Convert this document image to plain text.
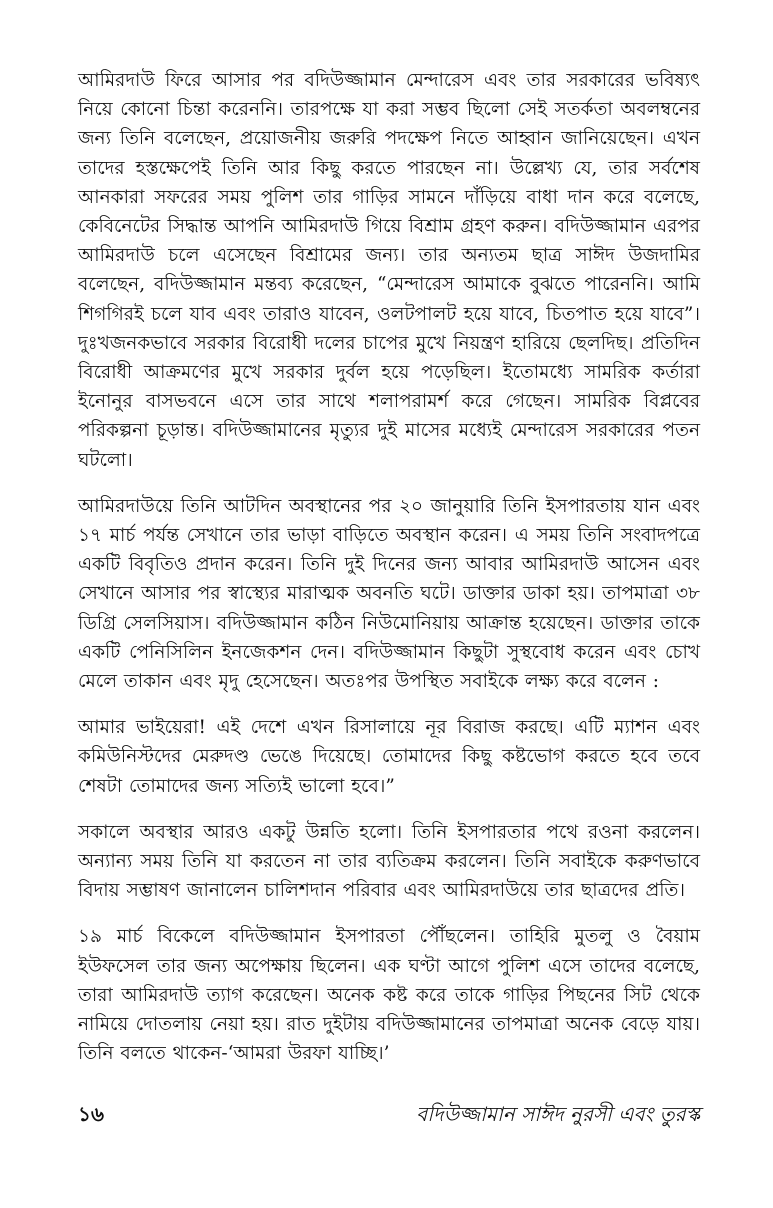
আমিরদাউ ফিরে আসার পর বদিউজ্জামান মেন্দারেস এবং তার সরকারের ভবিষ্যৎ নিয়ে কোনো চিন্তা করেননি। তারপক্ষে যা করা সম্ভব ছিলো সেই সতর্কতা অবলম্বনের জন্য তিনি বলেছেন, প্রয়োজনীয় জরুরি পদক্ষেপ নিতে আহ্বান জানিয়েছেন। এখন তাদের হস্তক্ষেপেই তিনি আর কিছু করতে পারছেন না। উল্লেখ্য যে, তার সর্বশেষ আনকারা সফরের সময় পুলিশ তার গাড়ির সামনে দাঁড়িয়ে বাধা দান করে বলেছে, কেবিনেটের সিদ্ধান্ত আপনি আমিরদাউ গিয়ে বিশ্রাম গ্রহণ করুন। বদিউজ্জামান এরপর আমিরদাউ চলে এসেছেন বিশ্রামের জন্য। তার অন্যতম ছাত্র সাঈদ উজদামির বলেছেন, বদিউজ্জামান মন্তব্য করেছেন, “মেন্দারেস আমাকে বুঝতে পারেননি। আমি শিগগিরই চলে যাব এবং তারাও যাবেন, ওলটপালট হয়ে যাবে, চিতপাত হয়ে যাবে”। দুঃখজনকভাবে সরকার বিরোধী দলের চাপের মুখে নিয়ন্ত্রণ হারিয়ে ছেলদিছ। প্রতিদিন বিরোধী আক্রমণের মুখে সরকার দুর্বল হয়ে পড়েছিল। ইতোমধ্যে সামরিক কর্তারা ইনোনুর বাসভবনে এসে তার সাথে শলাপরামর্শ করে গেছেন। সামরিক বিপ্লবের পরিকল্পনা চূড়ান্ত। বদিউজ্জামানের মৃত্যুর দুই মাসের মধ্যেই মেন্দারেস সরকারের পতন ঘটলো।

আমিরদাউয়ে তিনি আটদিন অবস্থানের পর ২০ জানুয়ারি তিনি ইসপারতায় যান এবং ১৭ মার্চ পর্যন্ত সেখানে তার ভাড়া বাড়িতে অবস্থান করেন। এ সময় তিনি সংবাদপত্রে একটি বিবৃতিও প্রদান করেন। তিনি দুই দিনের জন্য আবার আমিরদাউ আসেন এবং সেখানে আসার পর স্বাস্থ্যের মারাত্মক অবনতি ঘটে। ডাক্তার ডাকা হয়। তাপমাত্রা ৩৮ ডিগ্রি সেলসিয়াস। বদিউজ্জামান কঠিন নিউমোনিয়ায় আক্রান্ত হয়েছেন। ডাক্তার তাকে একটি পেনিসিলিন ইনজেকশন দেন। বদিউজ্জামান কিছুটা সুস্থবোধ করেন এবং চোখ মেলে তাকান এবং মৃদু হেসেছেন। অতঃপর উপস্থিত সবাইকে লক্ষ্য করে বলেন :

আমার ভাইয়েরা! এই দেশে এখন রিসালায়ে নূর বিরাজ করছে। এটি ম্যাশন এবং কমিউনিস্টদের মেরুদণ্ড ভেঙে দিয়েছে। তোমাদের কিছু কষ্টভোগ করতে হবে তবে শেষটা তোমাদের জন্য সত্যিই ভালো হবে।”

সকালে অবস্থার আরও একটু উন্নতি হলো। তিনি ইসপারতার পথে রওনা করলেন। অন্যান্য সময় তিনি যা করতেন না তার ব্যতিক্রম করলেন। তিনি সবাইকে করুণভাবে বিদায় সম্ভাষণ জানালেন চালিশদান পরিবার এবং আমিরদাউয়ে তার ছাত্রদের প্রতি।

১৯ মার্চ বিকেলে বদিউজ্জামান ইসপারতা পৌঁছলেন। তাহিরি মুতলু ও বৈয়াম ইউফসেল তার জন্য অপেক্ষায় ছিলেন। এক ঘণ্টা আগে পুলিশ এসে তাদের বলেছে, তারা আমিরদাউ ত্যাগ করেছেন। অনেক কষ্ট করে তাকে গাড়ির পিছনের সিট থেকে নামিয়ে দোতলায় নেয়া হয়। রাত দুইটায় বদিউজ্জামানের তাপমাত্রা অনেক বেড়ে যায়। তিনি বলতে থাকেন-‘আমরা উরফা যাচ্ছি।’

১৬	বদিউজ্জামান সাঈদ নুরসী এবং তুরস্ক
